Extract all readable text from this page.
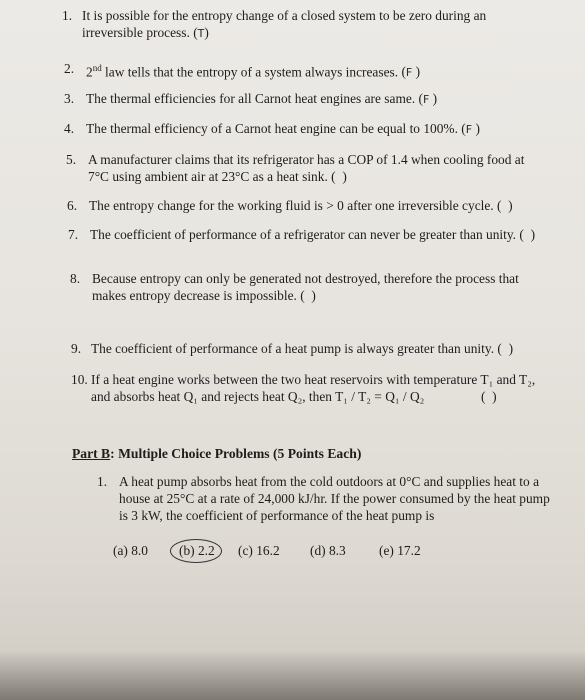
1. It is possible for the entropy change of a closed system to be zero during an
irreversible process. (T)
2. 2nd law tells that the entropy of a system always increases. (F )
3. The thermal efficiencies for all Carnot heat engines are same. (F )
4. The thermal efficiency of a Carnot heat engine can be equal to 100%. (F )
5. A manufacturer claims that its refrigerator has a COP of 1.4 when cooling food at
7°C using ambient air at 23°C as a heat sink. (  )
6. The entropy change for the working fluid is > 0 after one irreversible cycle. (  )
7. The coefficient of performance of a refrigerator can never be greater than unity. (  )
8. Because entropy can only be generated not destroyed, therefore the process that
makes entropy decrease is impossible. (  )
9. The coefficient of performance of a heat pump is always greater than unity. (  )
10. If a heat engine works between the two heat reservoirs with temperature T₁ and T₂,
and absorbs heat Q₁ and rejects heat Q₂, then T₁ / T₂ = Q₁ / Q₂	(  )
Part B: Multiple Choice Problems (5 Points Each)
1. A heat pump absorbs heat from the cold outdoors at 0°C and supplies heat to a
house at 25°C at a rate of 24,000 kJ/hr. If the power consumed by the heat pump
is 3 kW, the coefficient of performance of the heat pump is
(a) 8.0 (b) 2.2 (c) 16.2 (d) 8.3 (e) 17.2
